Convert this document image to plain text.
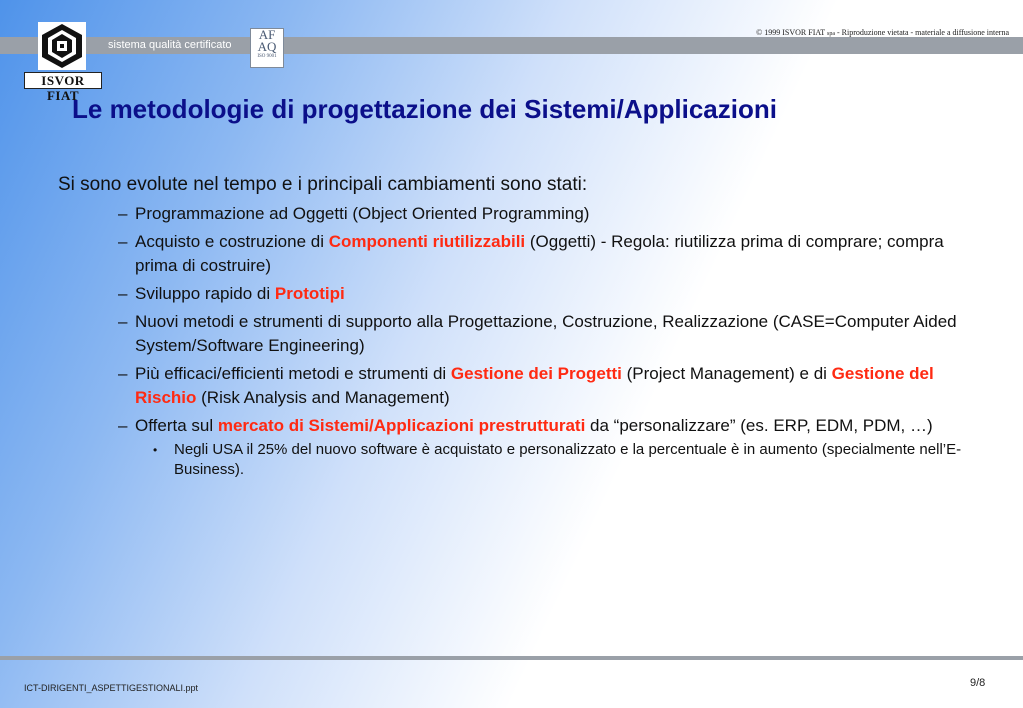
ISVOR FIAT
sistema qualità certificato
AF
AQ
ISO 9001
© 1999 ISVOR FIAT spa - Riproduzione vietata - materiale a diffusione interna
Le metodologie di progettazione dei Sistemi/Applicazioni

Si sono evolute nel tempo e i principali cambiamenti sono stati:

– Programmazione ad Oggetti (Object Oriented Programming)
– Acquisto e costruzione di Componenti riutilizzabili (Oggetti) - Regola: riutilizza prima di comprare; compra prima di costruire)
– Sviluppo rapido di Prototipi
– Nuovi metodi e strumenti di supporto alla Progettazione, Costruzione, Realizzazione (CASE=Computer Aided System/Software Engineering)
– Più efficaci/efficienti metodi e strumenti di Gestione dei Progetti (Project Management) e di Gestione del Rischio (Risk Analysis and Management)
– Offerta sul mercato di Sistemi/Applicazioni prestrutturati da “personalizzare” (es. ERP, EDM, PDM, …)
• Negli USA il 25% del nuovo software è acquistato e personalizzato e la percentuale è in aumento (specialmente nell’E-Business).
ICT-DIRIGENTI_ASPETTIGESTIONALI.ppt	9/8
